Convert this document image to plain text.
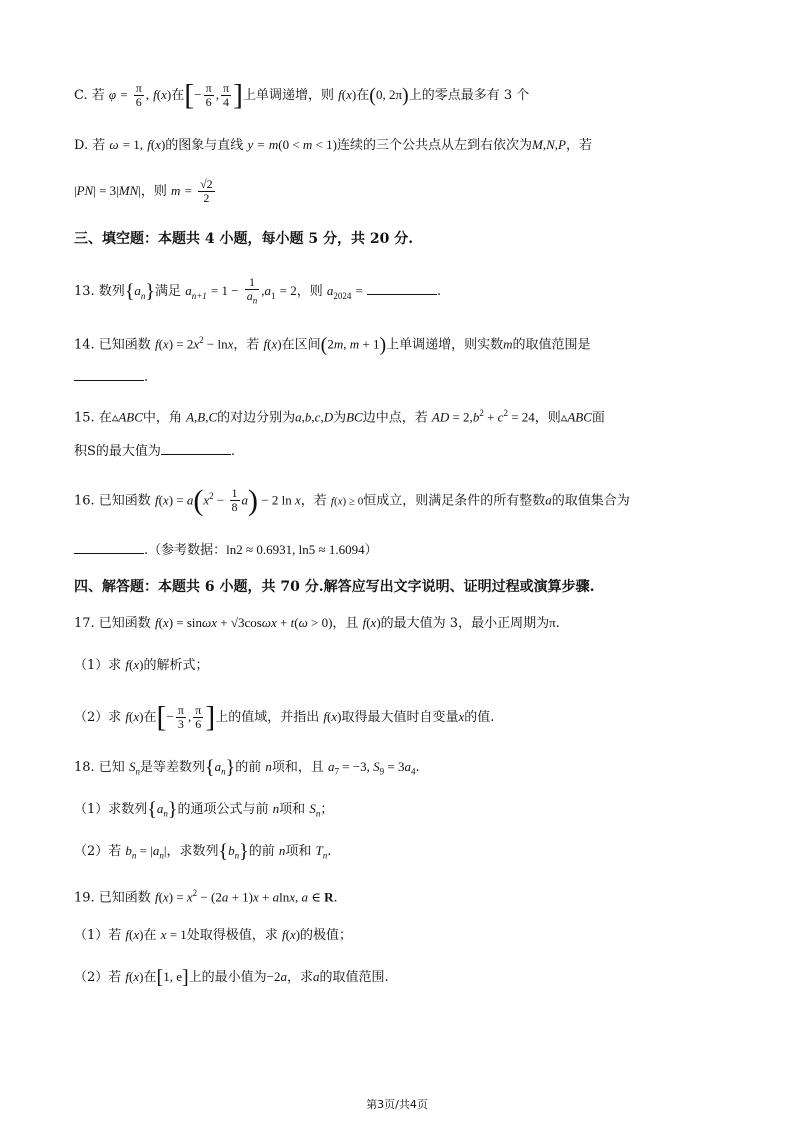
C. 若 $\varphi = \frac{\pi}{6}$ , f(x)在[− $\frac{\pi}{6}$ , $\frac{\pi}{4}$ ]上单调递增，则 f(x)在(0, 2π)上的零点最多有 3 个
D. 若 ω = 1, f(x)的图象与直线 y = m(0 < m < 1)连续的三个公共点从左到右依次为M,N,P，若
|PN| = 3|MN|，则 $m = \frac{√2}{2}$
三、填空题：本题共 4 小题，每小题 5 分，共 20 分.
13. 数列$\{a_n\}$满足 $a_{n+1} = 1 - \frac{1}{a_n} ,a_1 = 2$，则 $a_{2024}$ =	.
14. 已知函数 $f(x) = 2x^2 - \ln x$，若 f(x)在区间(2m, m + 1)上单调递增，则实数m的取值范围是
.
15. 在▵ABC中，角 A,B,C的对边分别为a,b,c,D为BC边中点，若 AD = $2,b^2 + c^2 = 24$，则▵ABC面
积S的最大值为	.
16. 已知函数 $f(x) = a(x^2 - \frac{1}{8} a) - 2$ ln x，若 f(x) ≥ 0恒成立，则满足条件的所有整数a的取值集合为
.（参考数据：ln2 ≈ 0.6931, ln5 ≈ 1.6094）
四、解答题：本题共 6 小题，共 70 分.解答应写出文字说明、证明过程或演算步骤.
17. 已知函数 f(x) = sinωx + √3cosωx + t(ω > 0)，且 f(x)的最大值为 3，最小正周期为π.
（1）求 f(x)的解析式；
（2）求 f(x)在[− $\frac{\pi}{3}$ , $\frac{\pi}{6}$ ]上的值域，并指出 f(x)取得最大值时自变量x的值.
18. 已知 $S_n$是等差数列$\{a_n\}$的前 n项和，且 $a_7 = -3$, $S_9 = 3a_4$.
（1）求数列$\{a_n\}$的通项公式与前 n项和 $S_n$；
（2）若 $b_n = |a_n|$，求数列$\{b_n\}$的前 n项和 $T_n$.
19. 已知函数 $f(x) = x^2 - (2a + 1)x + alnx$, a ∈ R.
（1）若 f(x)在 x = 1处取得极值，求 f(x)的极值；
（2）若 f(x)在[1, e]上的最小值为−2a，求a的取值范围.
第3页/共4页
